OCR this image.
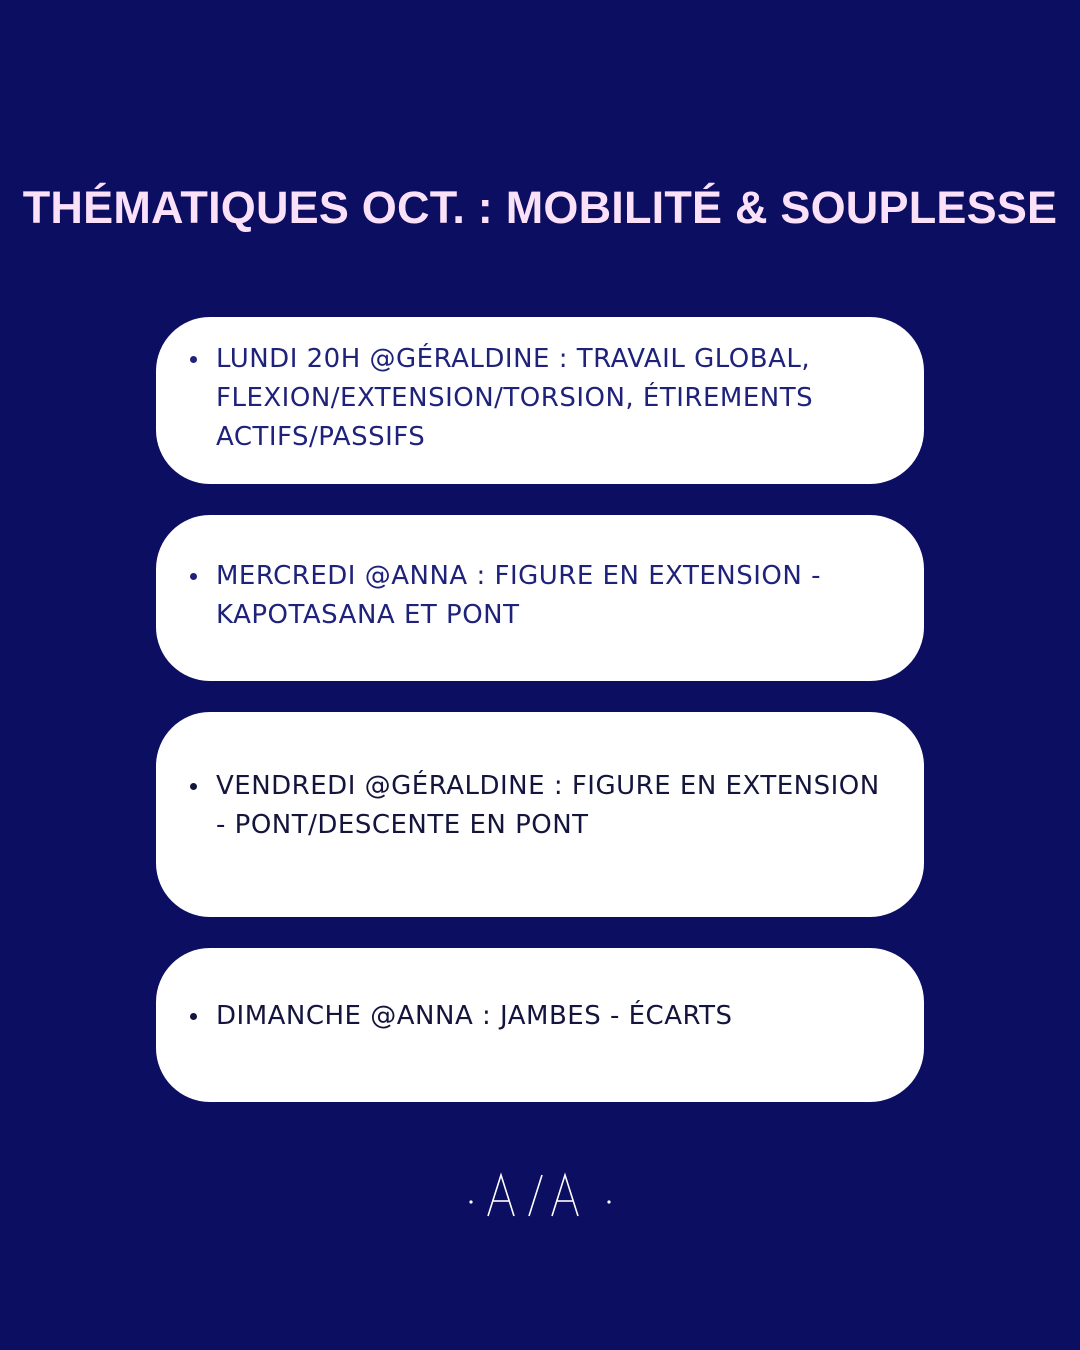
THÉMATIQUES OCT. : MOBILITÉ & SOUPLESSE
LUNDI 20H @GÉRALDINE : TRAVAIL GLOBAL, FLEXION/EXTENSION/TORSION, ÉTIREMENTS ACTIFS/PASSIFS
MERCREDI @ANNA : FIGURE EN EXTENSION - KAPOTASANA ET PONT
VENDREDI @GÉRALDINE : FIGURE EN EXTENSION - PONT/DESCENTE EN PONT
DIMANCHE @ANNA : JAMBES - ÉCARTS
